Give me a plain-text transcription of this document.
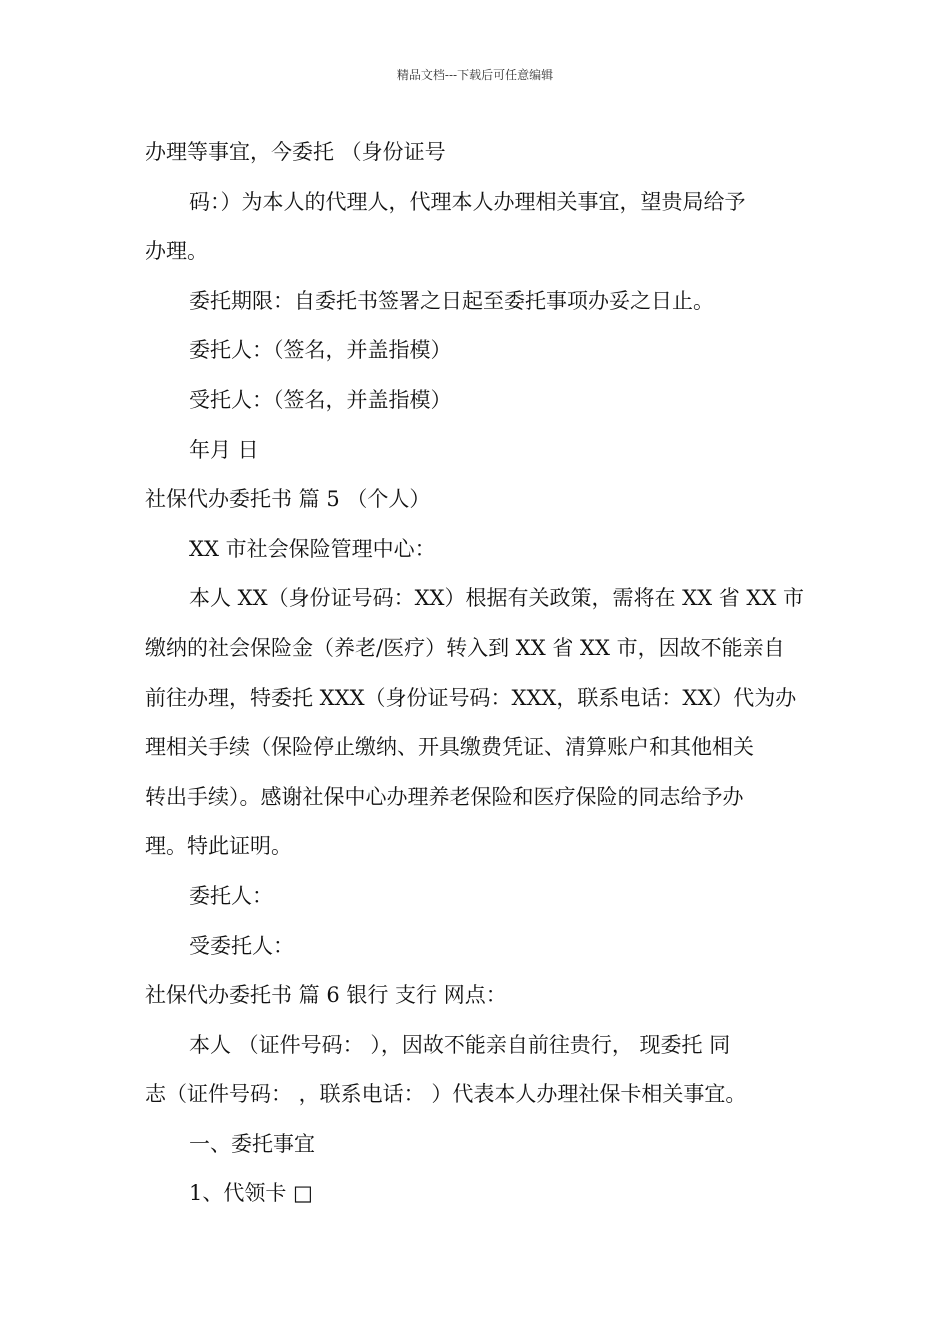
精品文档---下载后可任意编辑
办理等事宜，今委托 （身份证号
码：）为本人的代理人，代理本人办理相关事宜，望贵局给予
办理。
委托期限：自委托书签署之日起至委托事项办妥之日止。
委托人：（签名，并盖指模）
受托人：（签名，并盖指模）
年月 日
社保代办委托书 篇 5 （个人）
XX 市社会保险管理中心：
本人 XX（身份证号码：XX）根据有关政策，需将在 XX 省 XX 市
缴纳的社会保险金（养老/医疗）转入到 XX 省 XX 市，因故不能亲自
前往办理，特委托 XXX（身份证号码：XXX，联系电话：XX）代为办
理相关手续（保险停止缴纳、开具缴费凭证、清算账户和其他相关
转出手续）。感谢社保中心办理养老保险和医疗保险的同志给予办
理。特此证明。
委托人：
受委托人：
社保代办委托书 篇 6 银行 支行 网点：
本人 （证件号码： ），因故不能亲自前往贵行， 现委托 同
志（证件号码： ，联系电话： ）代表本人办理社保卡相关事宜。
一、委托事宜
1、代领卡 □
